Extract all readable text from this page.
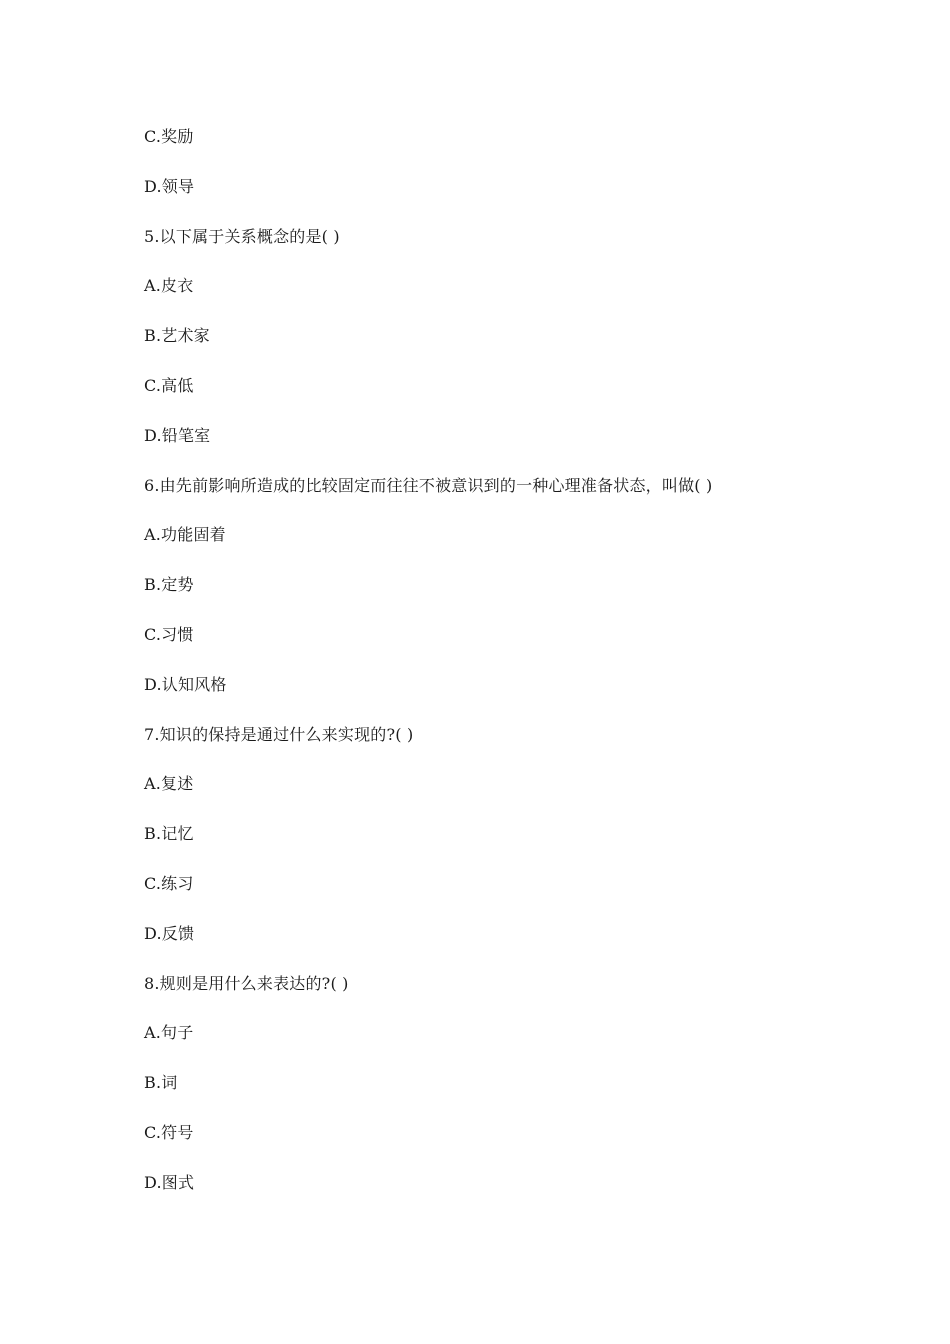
C.奖励
D.领导
5.以下属于关系概念的是( )
A.皮衣
B.艺术家
C.高低
D.铅笔室
6.由先前影响所造成的比较固定而往往不被意识到的一种心理准备状态，叫做( )
A.功能固着
B.定势
C.习惯
D.认知风格
7.知识的保持是通过什么来实现的?( )
A.复述
B.记忆
C.练习
D.反馈
8.规则是用什么来表达的?( )
A.句子
B.词
C.符号
D.图式
